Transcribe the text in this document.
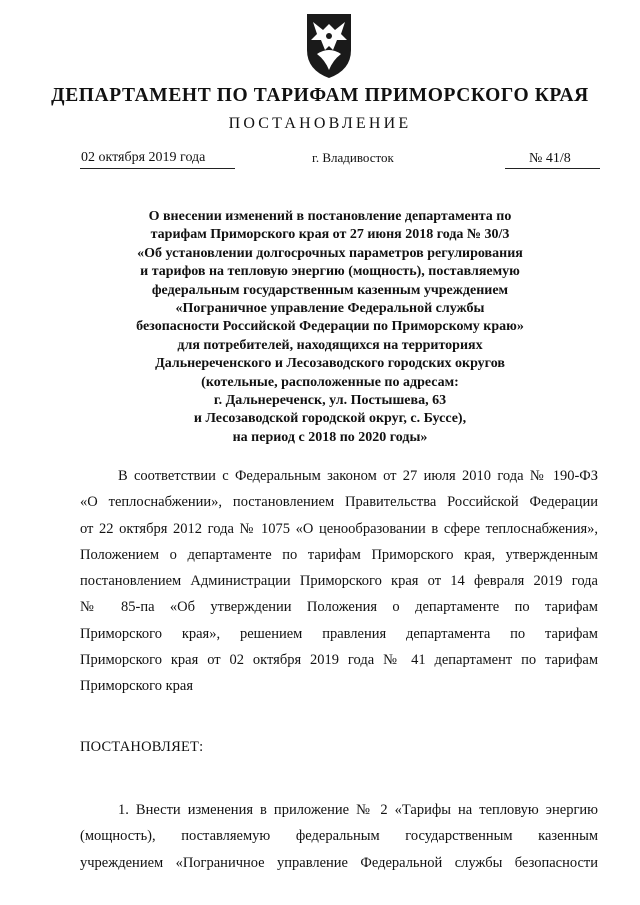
ДЕПАРТАМЕНТ ПО ТАРИФАМ ПРИМОРСКОГО КРАЯ
ПОСТАНОВЛЕНИЕ
02 октября 2019 года	г. Владивосток	№ 41/8
О внесении изменений в постановление департамента по
тарифам Приморского края от 27 июня 2018 года № 30/3
«Об установлении долгосрочных параметров регулирования
и тарифов на тепловую энергию (мощность), поставляемую
федеральным государственным казенным учреждением
«Пограничное управление Федеральной службы
безопасности Российской Федерации по Приморскому краю»
для потребителей, находящихся на территориях
Дальнереченского и Лесозаводского городских округов
(котельные, расположенные по адресам:
г. Дальнереченск, ул. Постышева, 63
и Лесозаводской городской округ, с. Буссе),
на период с 2018 по 2020 годы»
В соответствии с Федеральным законом от 27 июля 2010 года № 190-ФЗ
«О теплоснабжении», постановлением Правительства Российской Федерации
от 22 октября 2012 года № 1075 «О ценообразовании в сфере теплоснабжения»,
Положением о департаменте по тарифам Приморского края, утвержденным
постановлением Администрации Приморского края от 14 февраля 2019 года
№ 85-па «Об утверждении Положения о департаменте по тарифам
Приморского края», решением правления департамента по тарифам
Приморского края от 02 октября 2019 года № 41 департамент по тарифам
Приморского края
ПОСТАНОВЛЯЕТ:
1. Внести изменения в приложение № 2 «Тарифы на тепловую энергию
(мощность), поставляемую федеральным государственным казенным
учреждением «Пограничное управление Федеральной службы безопасности
